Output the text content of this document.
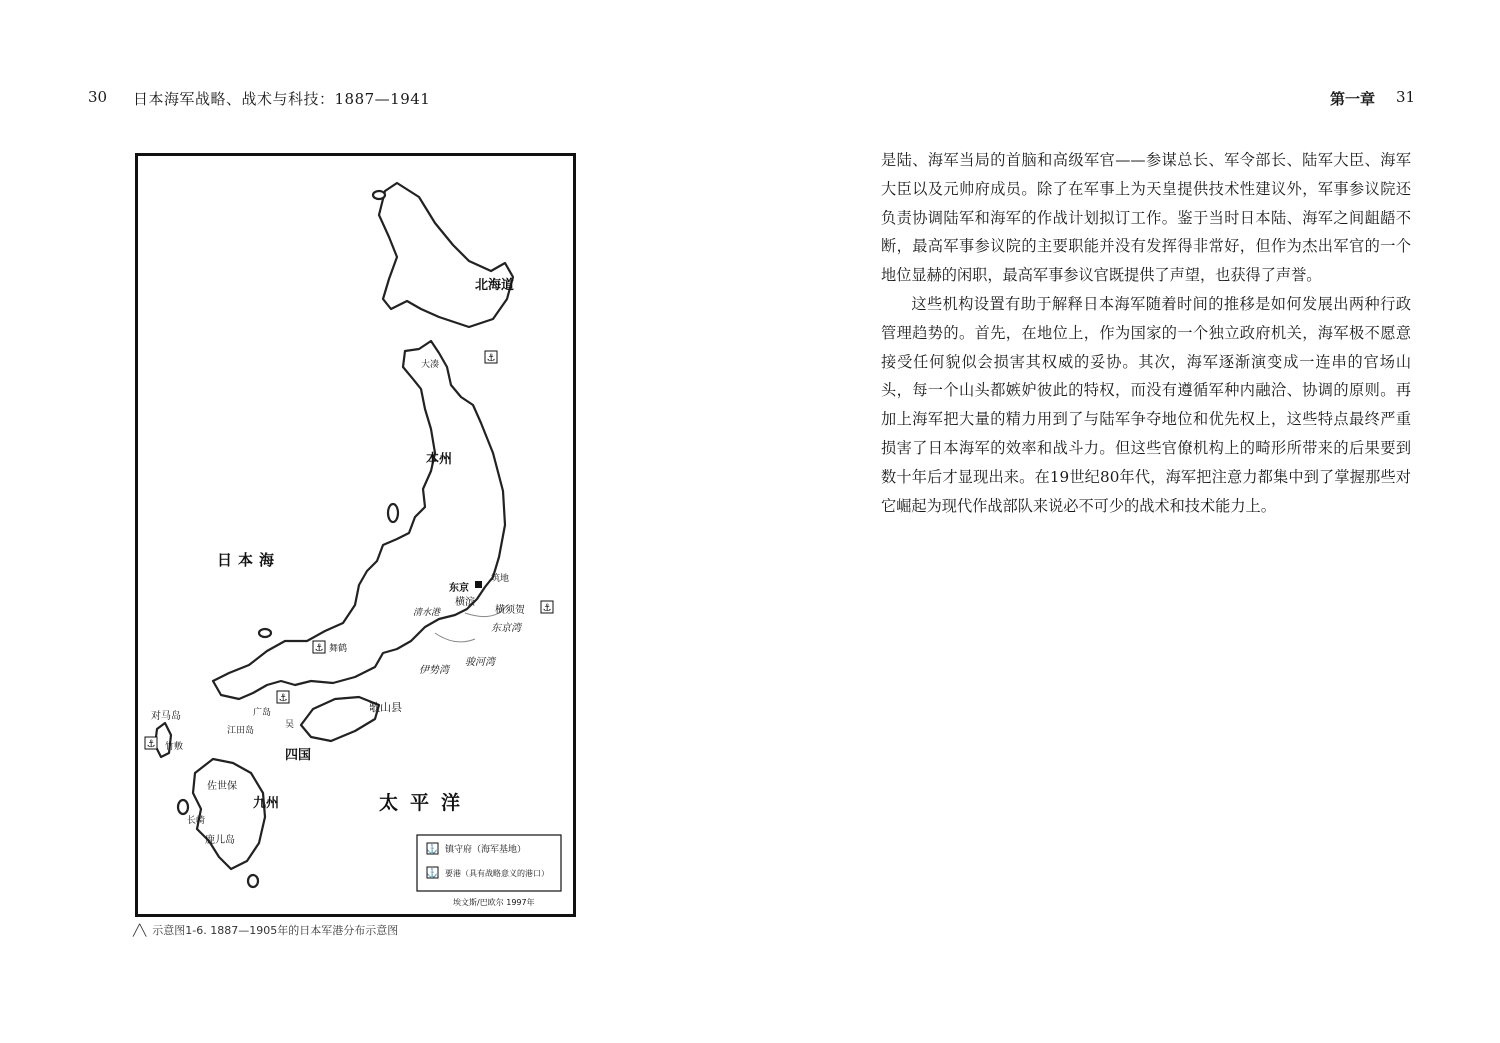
30 日本海军战略、战术与科技：1887—1941
北海道
本州
四国
九州
日本海
太平洋
大凑
东京
横滨
筑地
横须贺
清水港
东京湾
舞鹤
伊势湾
骏河湾
歌山县
广岛
吴
江田岛
对马岛
竹敷
佐世保
长崎
鹿儿岛
⚓
⚓
⚓
⚓
⚓
⚓ 镇守府（海军基地）
⚓ 要港（具有战略意义的港口）
埃文斯/巴欧尔 1997年
╱╲ 示意图1-6. 1887—1905年的日本军港分布示意图
第一章 31

是陆、海军当局的首脑和高级军官——参谋总长、军令部长、陆军大臣、海军大臣以及元帅府成员。除了在军事上为天皇提供技术性建议外，军事参议院还负责协调陆军和海军的作战计划拟订工作。鉴于当时日本陆、海军之间龃龉不断，最高军事参议院的主要职能并没有发挥得非常好，但作为杰出军官的一个地位显赫的闲职，最高军事参议官既提供了声望，也获得了声誉。

这些机构设置有助于解释日本海军随着时间的推移是如何发展出两种行政管理趋势的。首先，在地位上，作为国家的一个独立政府机关，海军极不愿意接受任何貌似会损害其权威的妥协。其次，海军逐渐演变成一连串的官场山头，每一个山头都嫉妒彼此的特权，而没有遵循军种内融洽、协调的原则。再加上海军把大量的精力用到了与陆军争夺地位和优先权上，这些特点最终严重损害了日本海军的效率和战斗力。但这些官僚机构上的畸形所带来的后果要到数十年后才显现出来。在19世纪80年代，海军把注意力都集中到了掌握那些对它崛起为现代作战部队来说必不可少的战术和技术能力上。
